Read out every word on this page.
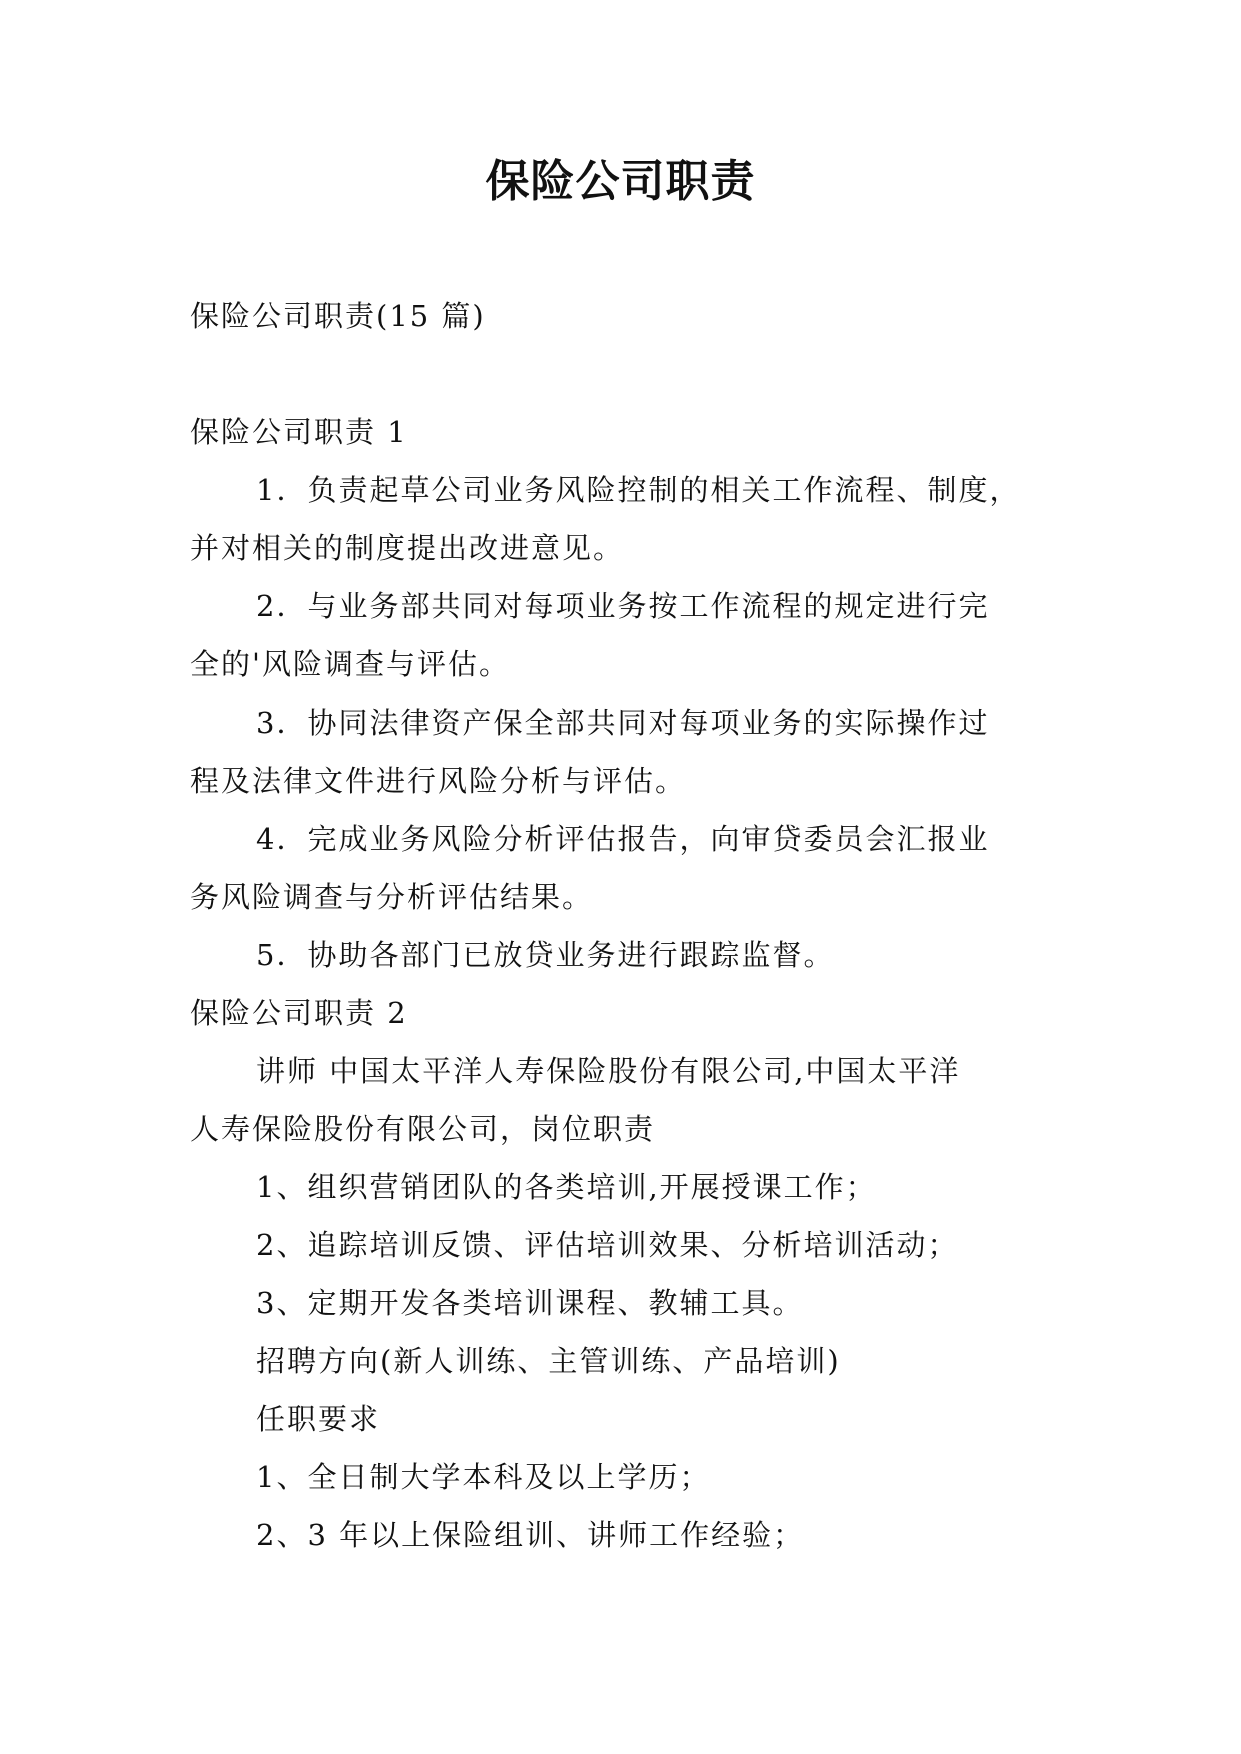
保险公司职责
保险公司职责(15 篇)
保险公司职责 1
1．负责起草公司业务风险控制的相关工作流程、制度，
并对相关的制度提出改进意见。
2．与业务部共同对每项业务按工作流程的规定进行完
全的'风险调查与评估。
3．协同法律资产保全部共同对每项业务的实际操作过
程及法律文件进行风险分析与评估。
4．完成业务风险分析评估报告，向审贷委员会汇报业
务风险调查与分析评估结果。
5．协助各部门已放贷业务进行跟踪监督。
保险公司职责 2
讲师 中国太平洋人寿保险股份有限公司,中国太平洋
人寿保险股份有限公司，岗位职责
1、组织营销团队的各类培训,开展授课工作；
2、追踪培训反馈、评估培训效果、分析培训活动；
3、定期开发各类培训课程、教辅工具。
招聘方向(新人训练、主管训练、产品培训)
任职要求
1、全日制大学本科及以上学历；
2、3 年以上保险组训、讲师工作经验；
